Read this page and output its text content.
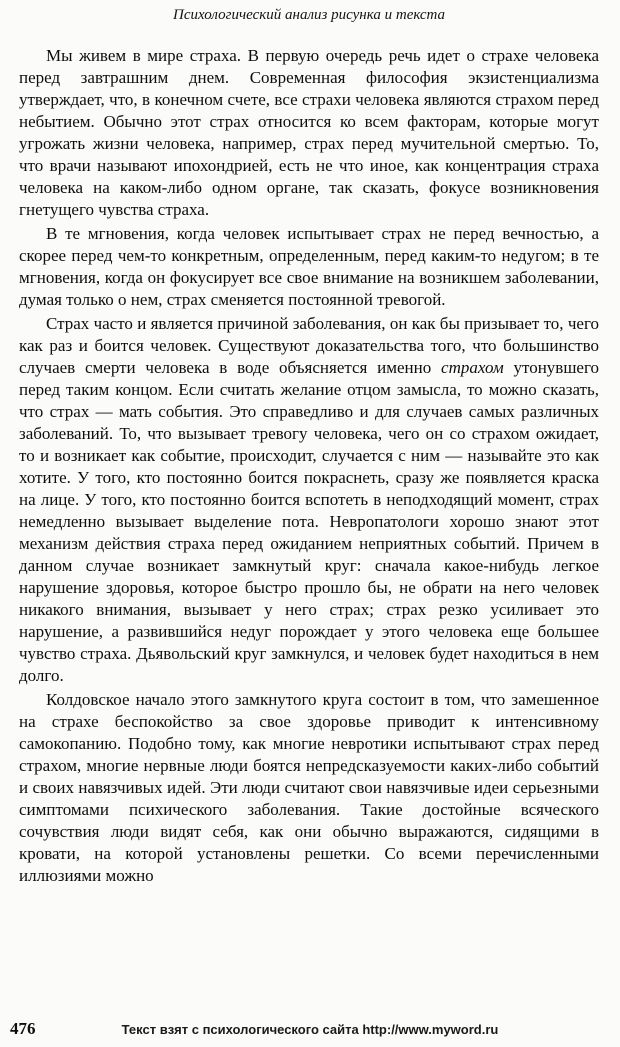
Психологический анализ рисунка и текста

Мы живем в мире страха. В первую очередь речь идет о страхе человека перед завтрашним днем. Современная философия экзистенциализма утверждает, что, в конечном счете, все страхи человека являются страхом перед небытием. Обычно этот страх относится ко всем факторам, которые могут угрожать жизни человека, например, страх перед мучительной смертью. То, что врачи называют ипохондрией, есть не что иное, как концентрация страха человека на каком-либо одном органе, так сказать, фокусе возникновения гнетущего чувства страха.

В те мгновения, когда человек испытывает страх не перед вечностью, а скорее перед чем-то конкретным, определенным, перед каким-то недугом; в те мгновения, когда он фокусирует все свое внимание на возникшем заболевании, думая только о нем, страх сменяется постоянной тревогой.

Страх часто и является причиной заболевания, он как бы призывает то, чего как раз и боится человек. Существуют доказательства того, что большинство случаев смерти человека в воде объясняется именно страхом утонувшего перед таким концом. Если считать желание отцом замысла, то можно сказать, что страх — мать события. Это справедливо и для случаев самых различных заболеваний. То, что вызывает тревогу человека, чего он со страхом ожидает, то и возникает как событие, происходит, случается с ним — называйте это как хотите. У того, кто постоянно боится покраснеть, сразу же появляется краска на лице. У того, кто постоянно боится вспотеть в неподходящий момент, страх немедленно вызывает выделение пота. Невропатологи хорошо знают этот механизм действия страха перед ожиданием неприятных событий. Причем в данном случае возникает замкнутый круг: сначала какое-нибудь легкое нарушение здоровья, которое быстро прошло бы, не обрати на него человек никакого внимания, вызывает у него страх; страх резко усиливает это нарушение, а развившийся недуг порождает у этого человека еще большее чувство страха. Дьявольский круг замкнулся, и человек будет находиться в нем долго.

Колдовское начало этого замкнутого круга состоит в том, что замешенное на страхе беспокойство за свое здоровье приводит к интенсивному самокопанию. Подобно тому, как многие невротики испытывают страх перед страхом, многие нервные люди боятся непредсказуемости каких-либо событий и своих навязчивых идей. Эти люди считают свои навязчивые идеи серьезными симптомами психического заболевания. Такие достойные всяческого сочувствия люди видят себя, как они обычно выражаются, сидящими в кровати, на которой установлены решетки. Со всеми перечисленными иллюзиями можно

476	Текст взят с психологического сайта http://www.myword.ru
